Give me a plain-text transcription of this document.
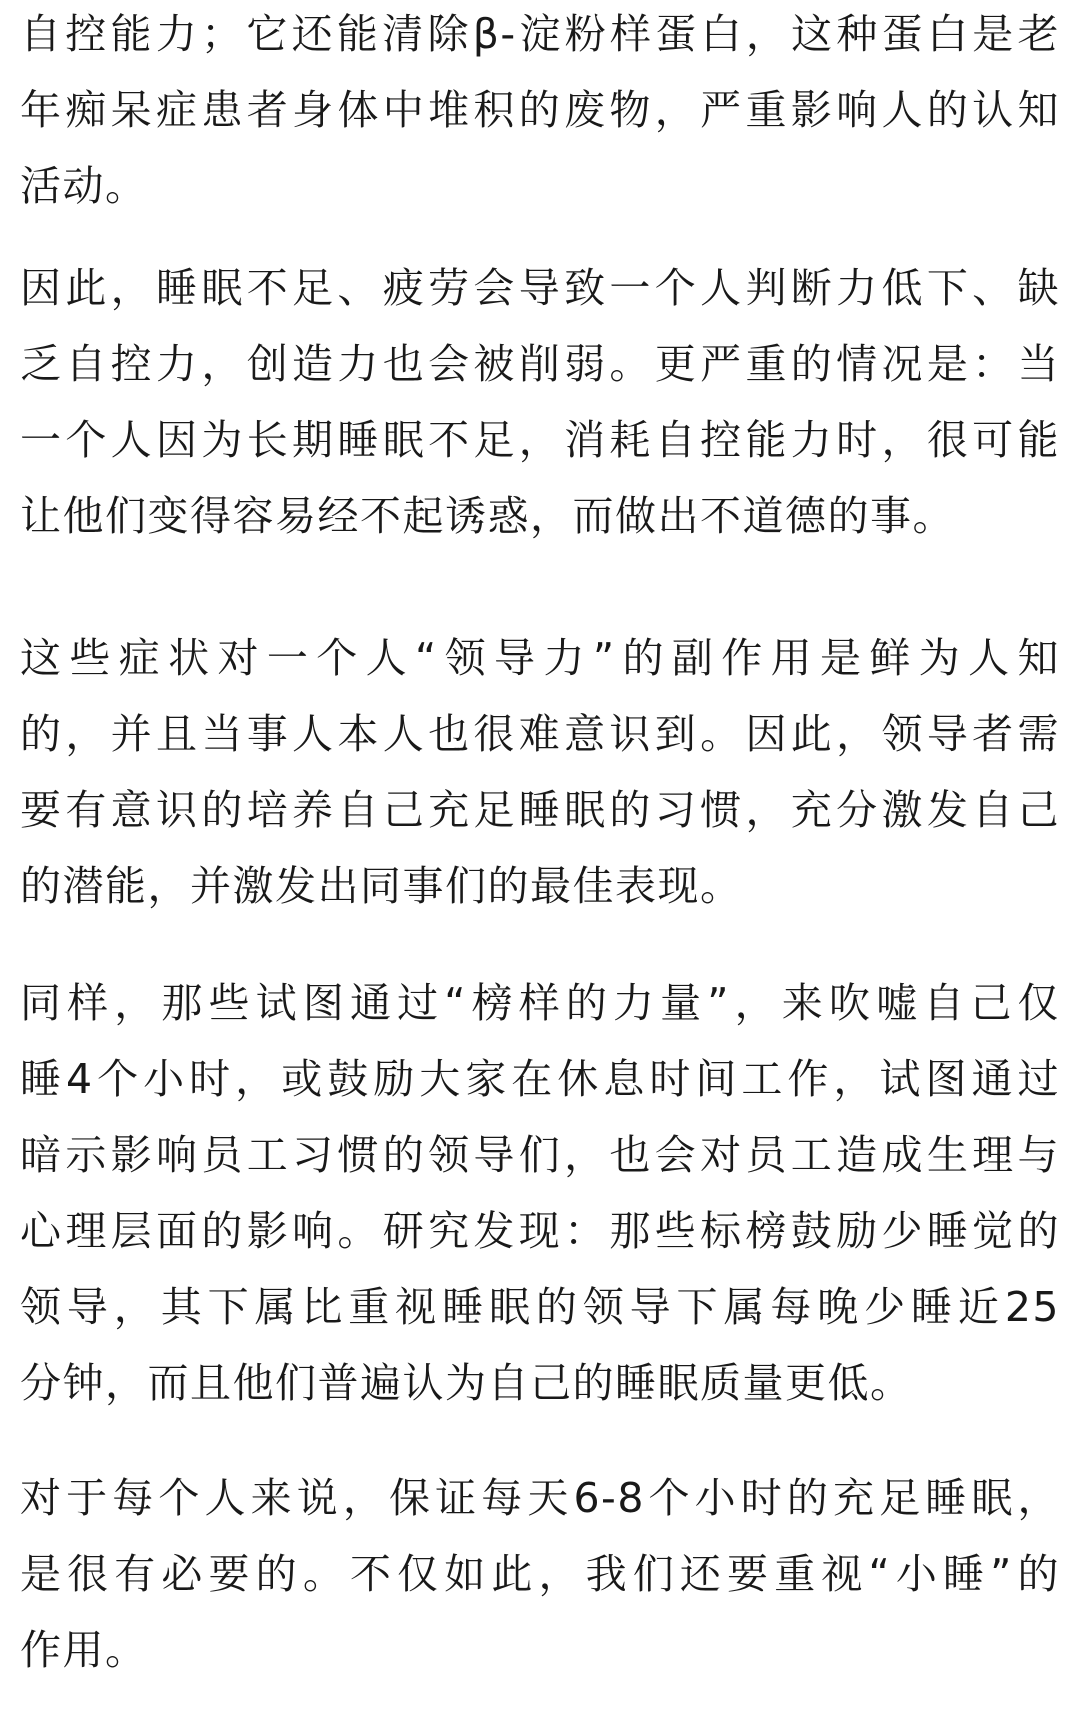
自控能力；它还能清除β-淀粉样蛋白，这种蛋白是老
年痴呆症患者身体中堆积的废物，严重影响人的认知
活动。

因此，睡眠不足、疲劳会导致一个人判断力低下、缺
乏自控力，创造力也会被削弱。更严重的情况是：当
一个人因为长期睡眠不足，消耗自控能力时，很可能
让他们变得容易经不起诱惑，而做出不道德的事。

这些症状对一个人“领导力”的副作用是鲜为人知
的，并且当事人本人也很难意识到。因此，领导者需
要有意识的培养自己充足睡眠的习惯，充分激发自己
的潜能，并激发出同事们的最佳表现。

同样，那些试图通过“榜样的力量”，来吹嘘自己仅
睡4个小时，或鼓励大家在休息时间工作，试图通过
暗示影响员工习惯的领导们，也会对员工造成生理与
心理层面的影响。研究发现：那些标榜鼓励少睡觉的
领导，其下属比重视睡眠的领导下属每晚少睡近25
分钟，而且他们普遍认为自己的睡眠质量更低。

对于每个人来说，保证每天6-8个小时的充足睡眠，
是很有必要的。不仅如此，我们还要重视“小睡”的
作用。
